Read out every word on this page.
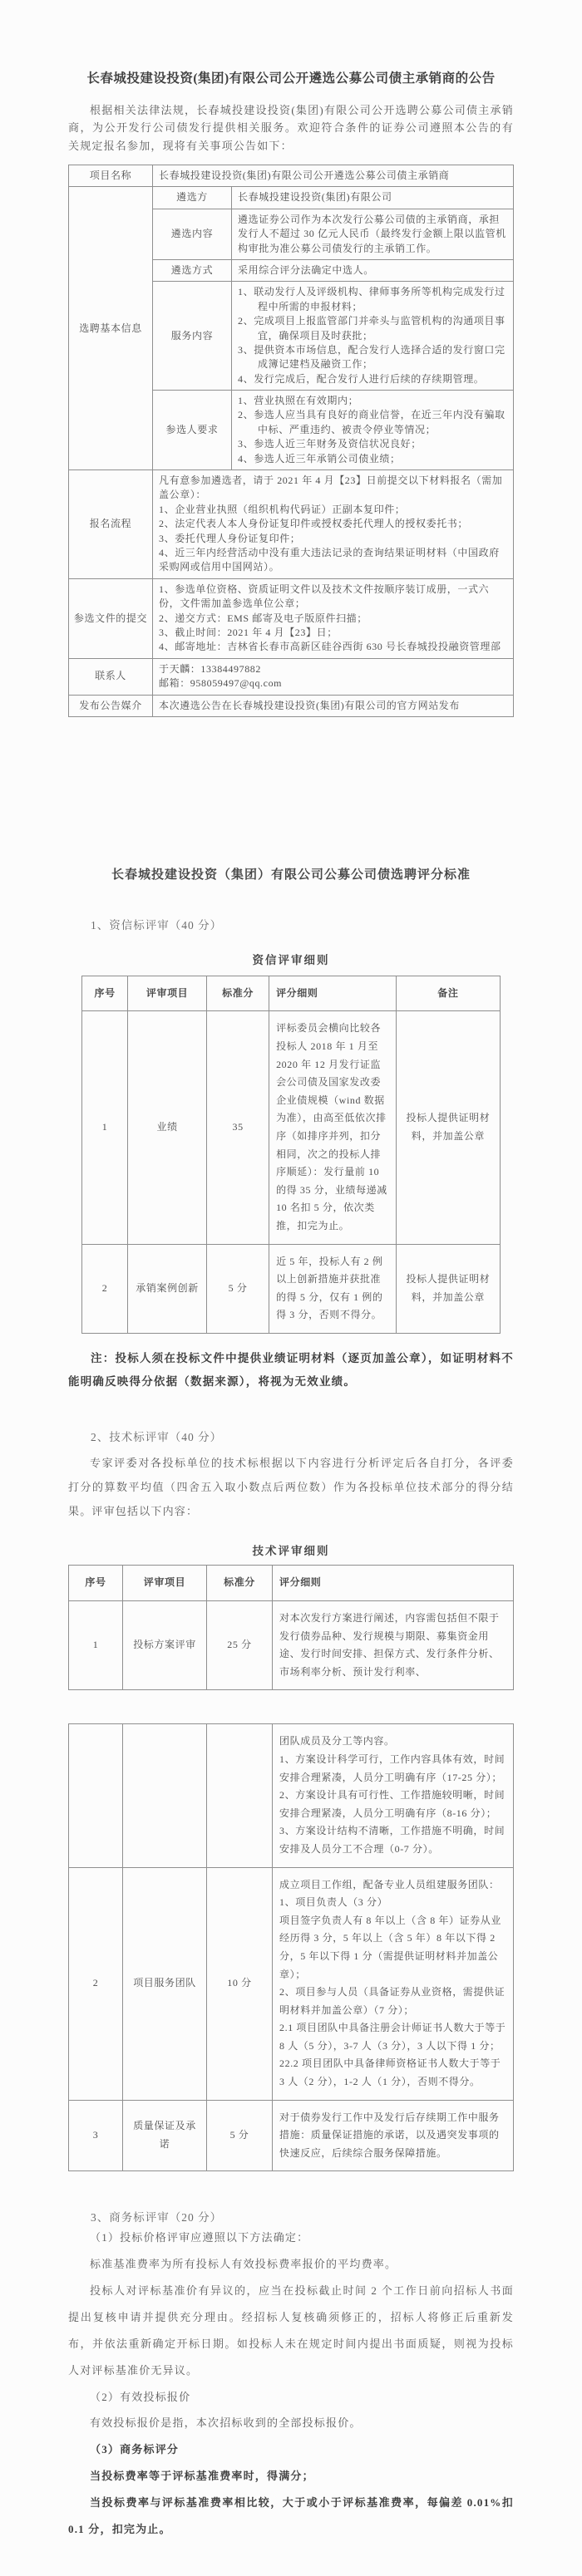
长春城投建设投资(集团)有限公司公开遴选公募公司债主承销商的公告
根据相关法律法规，长春城投建设投资(集团)有限公司公开选聘公募公司债主承销商，为公开发行公司债发行提供相关服务。欢迎符合条件的证券公司遵照本公告的有关规定报名参加，现将有关事项公告如下：
项目名称	长春城投建设投资(集团)有限公司公开遴选公募公司债主承销商	
选聘基本信息	遴选方	长春城投建设投资(集团)有限公司
	遴选内容	遴选证券公司作为本次发行公募公司债的主承销商，承担发行人不超过 30 亿元人民币（最终发行金额上限以监管机构审批为准公募公司债发行的主承销工作。
	遴选方式	采用综合评分法确定中选人。
	服务内容	1、联动发行人及评级机构、律师事务所等机构完成发行过程中所需的申报材料；
2、完成项目上报监管部门并牵头与监管机构的沟通项目事宜，确保项目及时获批；
3、提供资本市场信息，配合发行人选择合适的发行窗口完成簿记建档及融资工作；
4、发行完成后，配合发行人进行后续的存续期管理。

	参选人要求	1、营业执照在有效期内；
2、参选人应当具有良好的商业信誉，在近三年内没有骗取中标、严重违约、被责令停业等情况；
3、参选人近三年财务及资信状况良好；
4、参选人近三年承销公司债业绩；

报名流程	凡有意参加遴选者，请于 2021 年 4 月【23】日前提交以下材料报名（需加盖公章）：
1、企业营业执照（组织机构代码证）正副本复印件；
2、法定代表人本人身份证复印件或授权委托代理人的授权委托书；
3、委托代理人身份证复印件；
4、近三年内经营活动中没有重大违法记录的查询结果证明材料（中国政府采购网或信用中国网站）。	

参选文件的提交	1、参选单位资格、资质证明文件以及技术文件按顺序装订成册，一式六份，文件需加盖参选单位公章；
2、递交方式：EMS 邮寄及电子版原件扫描；
3、截止时间：2021 年 4 月【23】日；
4、邮寄地址：吉林省长春市高新区硅谷西街 630 号长春城投投融资管理部	

联系人	于天麟：13384497882
邮箱：958059497@qq.com	

发布公告媒介	本次遴选公告在长春城投建设投资(集团)有限公司的官方网站发布	
长春城投建设投资（集团）有限公司公募公司债选聘评分标准
1、资信标评审（40 分）
资信评审细则
序号	评审项目	标准分	评分细则	备注
1	业绩	35	评标委员会横向比较各投标人 2018 年 1 月至 2020 年 12 月发行证监会公司债及国家发改委企业债规模（wind 数据为准），由高至低依次排序（如排序并列，扣分相同，次之的投标人排序顺延）：发行量前 10 的得 35 分，业绩每递减 10 名扣 5 分，依次类推，扣完为止。	投标人提供证明材料，并加盖公章
2	承销案例创新	5 分	近 5 年，投标人有 2 例以上创新措施并获批准的得 5 分，仅有 1 例的得 3 分，否则不得分。	投标人提供证明材料，并加盖公章
注：投标人须在投标文件中提供业绩证明材料（逐页加盖公章），如证明材料不能明确反映得分依据（数据来源），将视为无效业绩。
2、技术标评审（40 分）
专家评委对各投标单位的技术标根据以下内容进行分析评定后各自打分，各评委打分的算数平均值（四舍五入取小数点后两位数）作为各投标单位技术部分的得分结果。评审包括以下内容：
技术评审细则
序号	评审项目	标准分	评分细则
1	投标方案评审	25 分	对本次发行方案进行阐述，内容需包括但不限于发行债券品种、发行规模与期限、募集资金用途、发行时间安排、担保方式、发行条件分析、市场利率分析、预计发行利率、

			团队成员及分工等内容。
1、方案设计科学可行，工作内容具体有效，时间安排合理紧凑，人员分工明确有序（17-25 分）；
2、方案设计具有可行性、工作措施较明晰，时间安排合理紧凑，人员分工明确有序（8-16 分）；
3、方案设计结构不清晰，工作措施不明确，时间安排及人员分工不合理（0-7 分）。

2	项目服务团队	10 分	
成立项目工作组，配备专业人员组建服务团队：
1、项目负责人（3 分）
项目签字负责人有 8 年以上（含 8 年）证券从业经历得 3 分，5 年以上（含 5 年）8 年以下得 2 分，5 年以下得 1 分（需提供证明材料并加盖公章）；
2、项目参与人员（具备证券从业资格，需提供证明材料并加盖公章）（7 分）；
2.1 项目团队中具备注册会计师证书人数大于等于 8 人（5 分），3-7 人（3 分），3 人以下得 1 分；
22.2 项目团队中具备律师资格证书人数大于等于 3 人（2 分），1-2 人（1 分），否则不得分。

3	质量保证及承诺	5 分	对于债券发行工作中及发行后存续期工作中服务措施：质量保证措施的承诺，以及遇突发事项的快速反应，后续综合服务保障措施。
3、商务标评审（20 分）
（1）投标价格评审应遵照以下方法确定：
标准基准费率为所有投标人有效投标费率报价的平均费率。
投标人对评标基准价有异议的，应当在投标截止时间 2 个工作日前向招标人书面提出复核申请并提供充分理由。经招标人复核确须修正的，招标人将修正后重新发布，并依法重新确定开标日期。如投标人未在规定时间内提出书面质疑，则视为投标人对评标基准价无异议。
（2）有效投标报价
有效投标报价是指，本次招标收到的全部投标报价。
（3）商务标评分
当投标费率等于评标基准费率时，得满分；
当投标费率与评标基准费率相比较，大于或小于评标基准费率，每偏差 0.01%扣 0.1 分，扣完为止。
